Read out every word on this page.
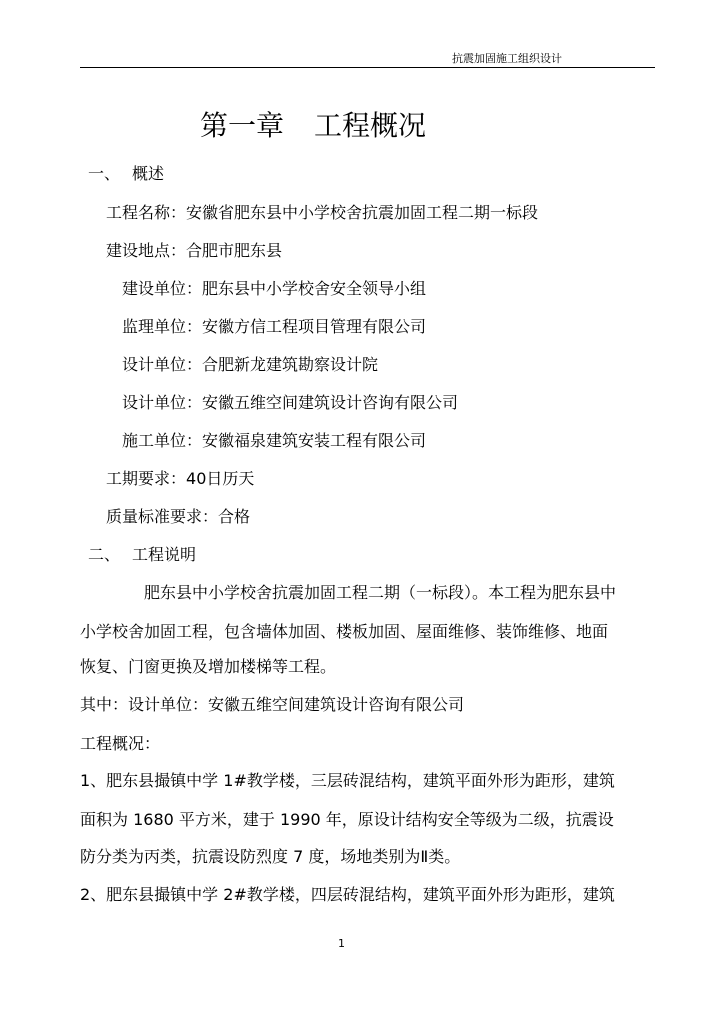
抗震加固施工组织设计
第一章 工程概况
一、 概述
工程名称：安徽省肥东县中小学校舍抗震加固工程二期一标段
建设地点：合肥市肥东县
建设单位：肥东县中小学校舍安全领导小组
监理单位：安徽方信工程项目管理有限公司
设计单位：合肥新龙建筑勘察设计院
设计单位：安徽五维空间建筑设计咨询有限公司
施工单位：安徽福泉建筑安装工程有限公司
工期要求：40日历天
质量标准要求：合格
二、 工程说明
肥东县中小学校舍抗震加固工程二期（一标段）。本工程为肥东县中
小学校舍加固工程，包含墙体加固、楼板加固、屋面维修、装饰维修、地面
恢复、门窗更换及增加楼梯等工程。
其中：设计单位：安徽五维空间建筑设计咨询有限公司
工程概况：
1、肥东县撮镇中学 1#教学楼，三层砖混结构，建筑平面外形为距形，建筑
面积为 1680 平方米，建于 1990 年，原设计结构安全等级为二级，抗震设
防分类为丙类，抗震设防烈度 7 度，场地类别为Ⅱ类。
2、肥东县撮镇中学 2#教学楼，四层砖混结构，建筑平面外形为距形，建筑
1
